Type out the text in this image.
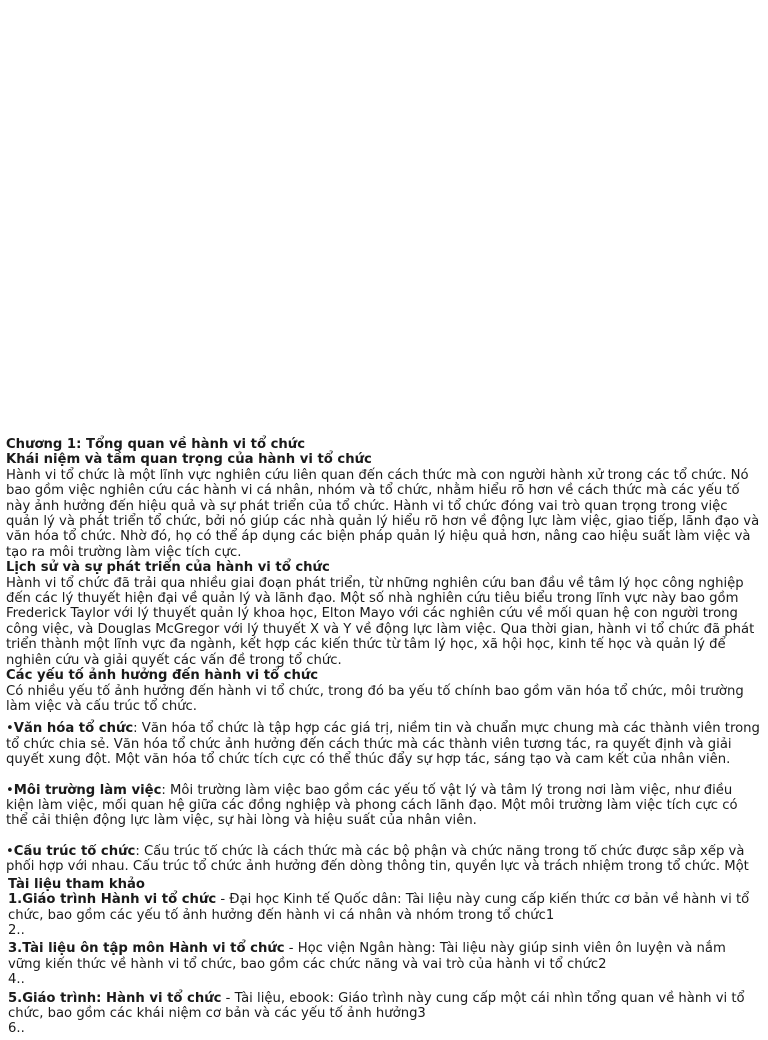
Chương 1: Tổng quan về hành vi tổ chức
Khái niệm và tầm quan trọng của hành vi tổ chức
Hành vi tổ chức là một lĩnh vực nghiên cứu liên quan đến cách thức mà con người hành xử trong các tổ chức. Nó bao gồm việc nghiên cứu các hành vi cá nhân, nhóm và tổ chức, nhằm hiểu rõ hơn về cách thức mà các yếu tố này ảnh hưởng đến hiệu quả và sự phát triển của tổ chức. Hành vi tổ chức đóng vai trò quan trọng trong việc quản lý và phát triển tổ chức, bởi nó giúp các nhà quản lý hiểu rõ hơn về động lực làm việc, giao tiếp, lãnh đạo và văn hóa tổ chức. Nhờ đó, họ có thể áp dụng các biện pháp quản lý hiệu quả hơn, nâng cao hiệu suất làm việc và tạo ra môi trường làm việc tích cực.
Lịch sử và sự phát triển của hành vi tổ chức
Hành vi tổ chức đã trải qua nhiều giai đoạn phát triển, từ những nghiên cứu ban đầu về tâm lý học công nghiệp đến các lý thuyết hiện đại về quản lý và lãnh đạo. Một số nhà nghiên cứu tiêu biểu trong lĩnh vực này bao gồm Frederick Taylor với lý thuyết quản lý khoa học, Elton Mayo với các nghiên cứu về mối quan hệ con người trong công việc, và Douglas McGregor với lý thuyết X và Y về động lực làm việc. Qua thời gian, hành vi tổ chức đã phát triển thành một lĩnh vực đa ngành, kết hợp các kiến thức từ tâm lý học, xã hội học, kinh tế học và quản lý để nghiên cứu và giải quyết các vấn đề trong tổ chức.
Các yếu tố ảnh hưởng đến hành vi tổ chức
Có nhiều yếu tố ảnh hưởng đến hành vi tổ chức, trong đó ba yếu tố chính bao gồm văn hóa tổ chức, môi trường làm việc và cấu trúc tổ chức.
•Văn hóa tổ chức: Văn hóa tổ chức là tập hợp các giá trị, niềm tin và chuẩn mực chung mà các thành viên trong tổ chức chia sẻ. Văn hóa tổ chức ảnh hưởng đến cách thức mà các thành viên tương tác, ra quyết định và giải quyết xung đột. Một văn hóa tổ chức tích cực có thể thúc đẩy sự hợp tác, sáng tạo và cam kết của nhân viên.
•Môi trường làm việc: Môi trường làm việc bao gồm các yếu tố vật lý và tâm lý trong nơi làm việc, như điều kiện làm việc, mối quan hệ giữa các đồng nghiệp và phong cách lãnh đạo. Một môi trường làm việc tích cực có thể cải thiện động lực làm việc, sự hài lòng và hiệu suất của nhân viên.
•Cấu trúc tổ chức: Cấu trúc tổ chức là cách thức mà các bộ phận và chức năng trong tổ chức được sắp xếp và phối hợp với nhau. Cấu trúc tổ chức ảnh hưởng đến dòng thông tin, quyền lực và trách nhiệm trong tổ chức. Một
Tài liệu tham khảo
1.Giáo trình Hành vi tổ chức - Đại học Kinh tế Quốc dân: Tài liệu này cung cấp kiến thức cơ bản về hành vi tổ chức, bao gồm các yếu tố ảnh hưởng đến hành vi cá nhân và nhóm trong tổ chức1
2..
3.Tài liệu ôn tập môn Hành vi tổ chức - Học viện Ngân hàng: Tài liệu này giúp sinh viên ôn luyện và nắm vững kiến thức về hành vi tổ chức, bao gồm các chức năng và vai trò của hành vi tổ chức2
4..
5.Giáo trình: Hành vi tổ chức - Tài liệu, ebook: Giáo trình này cung cấp một cái nhìn tổng quan về hành vi tổ chức, bao gồm các khái niệm cơ bản và các yếu tố ảnh hưởng3
6..
